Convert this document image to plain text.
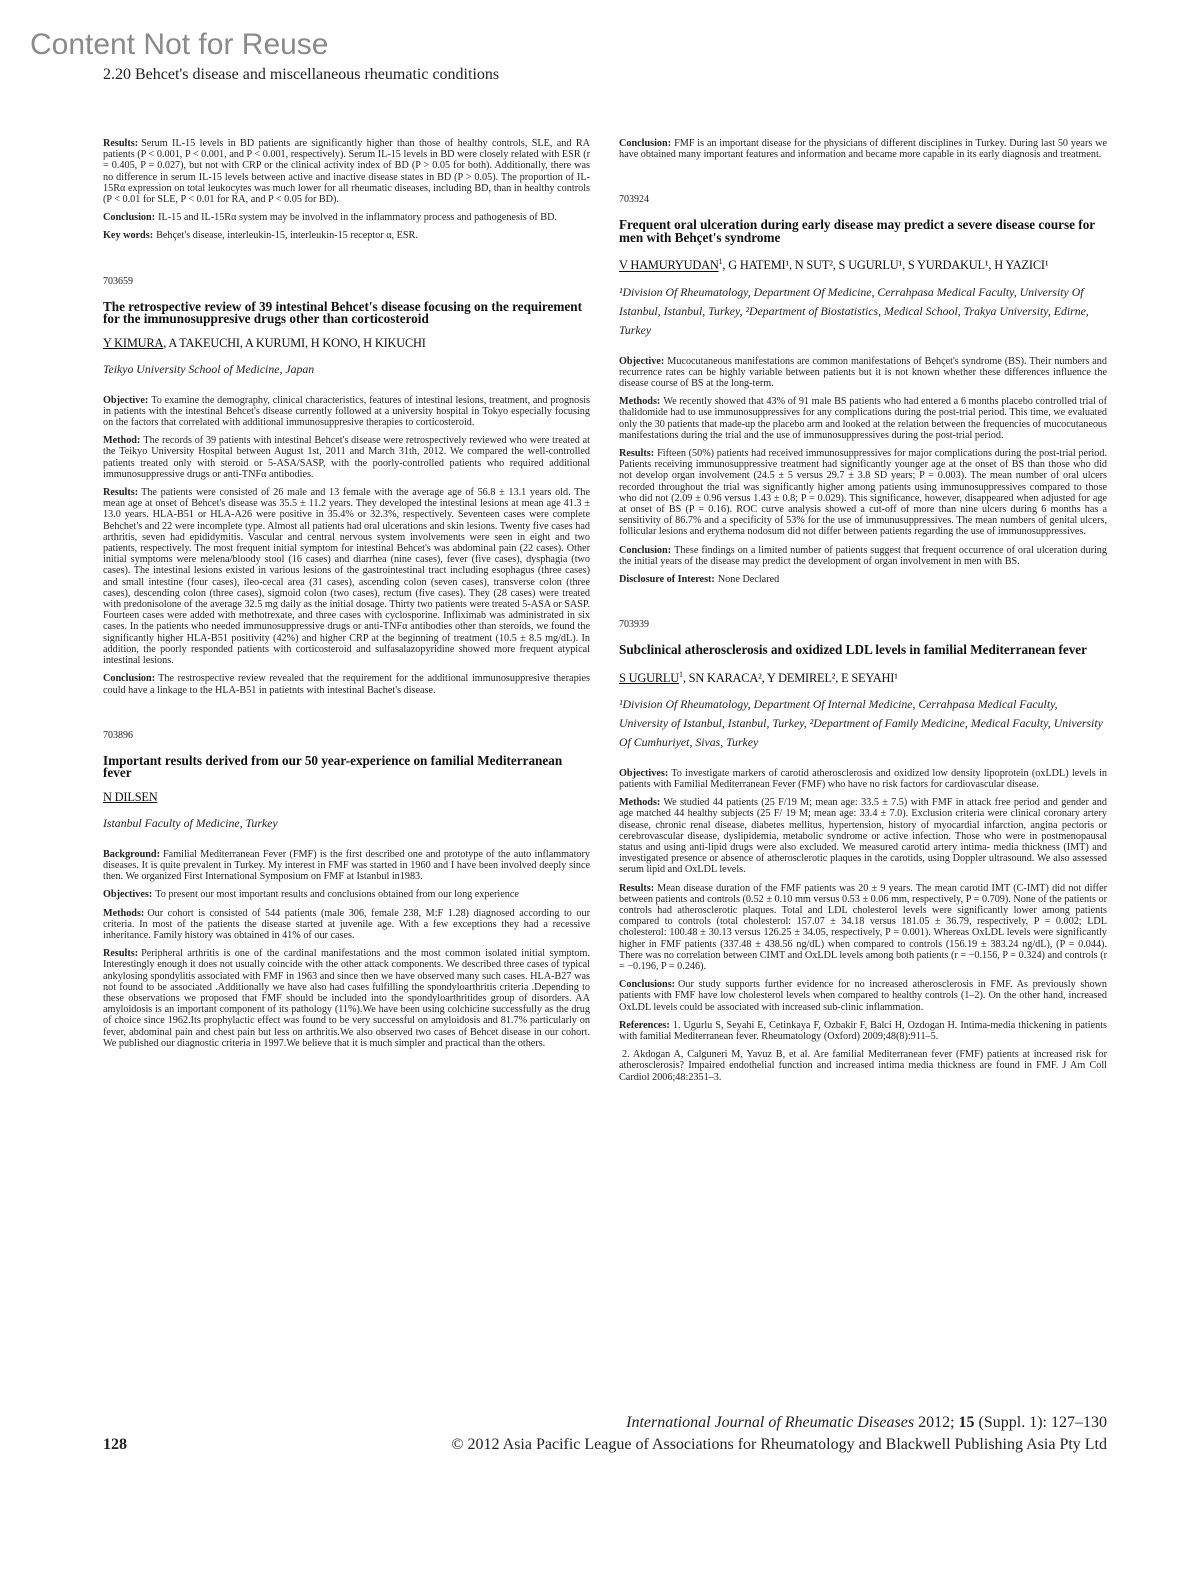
Content Not for Reuse
2.20 Behcet's disease and miscellaneous rheumatic conditions

Results: Serum IL-15 levels in BD patients are significantly higher than those of healthy controls, SLE, and RA patients (P < 0.001, P < 0.001, and P < 0.001, respectively). Serum IL-15 levels in BD were closely related with ESR (r = 0.405, P = 0.027), but not with CRP or the clinical activity index of BD (P > 0.05 for both). Additionally, there was no difference in serum IL-15 levels between active and inactive disease states in BD (P > 0.05). The proportion of IL-15Rα expression on total leukocytes was much lower for all rheumatic diseases, including BD, than in healthy controls (P < 0.01 for SLE, P < 0.01 for RA, and P < 0.05 for BD).

Conclusion: IL-15 and IL-15Rα system may be involved in the inflammatory process and pathogenesis of BD.

Key words: Behçet's disease, interleukin-15, interleukin-15 receptor α, ESR.

703659
The retrospective review of 39 intestinal Behcet's disease focusing on the requirement for the immunosuppresive drugs other than corticosteroid
Y KIMURA, A TAKEUCHI, A KURUMI, H KONO, H KIKUCHI
Teikyo University School of Medicine, Japan

Objective: To examine the demography, clinical characteristics, features of intestinal lesions, treatment, and prognosis in patients with the intestinal Behcet's disease currently followed at a university hospital in Tokyo especially focusing on the factors that correlated with additional immunosuppresive therapies to corticosteroid.

Method: The records of 39 patients with intestinal Behcet's disease were retrospectively reviewed who were treated at the Teikyo University Hospital between August 1st, 2011 and March 31th, 2012. We compared the well-controlled patients treated only with steroid or 5-ASA/SASP, with the poorly-controlled patients who required additional immunosuppressive drugs or anti-TNFα antibodies.

Results: The patients were consisted of 26 male and 13 female with the average age of 56.8 ± 13.1 years old. The mean age at onset of Behcet's disease was 35.5 ± 11.2 years. They developed the intestinal lesions at mean age 41.3 ± 13.0 years. HLA-B51 or HLA-A26 were positive in 35.4% or 32.3%, respectively. Seventeen cases were complete Behchet's and 22 were incomplete type. Almost all patients had oral ulcerations and skin lesions. Twenty five cases had arthritis, seven had epididymitis. Vascular and central nervous system involvements were seen in eight and two patients, respectively. The most frequent initial symptom for intestinal Behcet's was abdominal pain (22 cases). Other initial symptoms were melena/bloody stool (16 cases) and diarrhea (nine cases), fever (five cases), dysphagia (two cases). The intestinal lesions existed in various lesions of the gastrointestinal tract including esophagus (three cases) and small intestine (four cases), ileo-cecal area (31 cases), ascending colon (seven cases), transverse colon (three cases), descending colon (three cases), sigmoid colon (two cases), rectum (five cases). They (28 cases) were treated with predonisolone of the average 32.5 mg daily as the initial dosage. Thirty two patients were treated 5-ASA or SASP. Fourteen cases were added with methotrexate, and three cases with cyclosporine. Infliximab was administrated in six cases. In the patients who needed immunosuppressive drugs or anti-TNFα antibodies other than steroids, we found the significantly higher HLA-B51 positivity (42%) and higher CRP at the beginning of treatment (10.5 ± 8.5 mg/dL). In addition, the poorly responded patients with corticosteroid and sulfasalazopyridine showed more frequent atypical intestinal lesions.

Conclusion: The restrospective review revealed that the requirement for the additional immunosuppresive therapies could have a linkage to the HLA-B51 in patietnts with intestinal Bachet's disease.

703896
Important results derived from our 50 year-experience on familial Mediterranean fever
N DILSEN
Istanbul Faculty of Medicine, Turkey

Background: Familial Mediterranean Fever (FMF) is the first described one and prototype of the auto inflammatory diseases. It is quite prevalent in Turkey. My interest in FMF was started in 1960 and I have been involved deeply since then. We organized First International Symposium on FMF at Istanbul in1983.

Objectives: To present our most important results and conclusions obtained from our long experience

Methods: Our cohort is consisted of 544 patients (male 306, female 238, M:F 1.28) diagnosed according to our criteria. In most of the patients the disease started at juvenile age. With a few exceptions they had a recessive inheritance. Family history was obtained in 41% of our cases.

Results: Peripheral arthritis is one of the cardinal manifestations and the most common isolated initial symptom. Interestingly enough it does not usually coincide with the other attack components. We described three cases of typical ankylosing spondylitis associated with FMF in 1963 and since then we have observed many such cases. HLA-B27 was not found to be associated .Additionally we have also had cases fulfilling the spondyloarthritis criteria .Depending to these observations we proposed that FMF should be included into the spondyloarthritides group of disorders. AA amyloidosis is an important component of its pathology (11%).We have been using colchicine successfully as the drug of choice since 1962.Its prophylactic effect was found to be very successful on amyloidosis and 81.7% particularly on fever, abdominal pain and chest pain but less on arthritis.We also observed two cases of Behcet disease in our cohort. We published our diagnostic criteria in 1997.We believe that it is much simpler and practical than the others.

Conclusion: FMF is an important disease for the physicians of different disciplines in Turkey. During last 50 years we have obtained many important features and information and became more capable in its early diagnosis and treatment.

703924
Frequent oral ulceration during early disease may predict a severe disease course for men with Behçet's syndrome
V HAMURYUDAN$^1$, G HATEMI¹, N SUT², S UGURLU¹, S YURDAKUL¹, H YAZICI¹
¹Division Of Rheumatology, Department Of Medicine, Cerrahpasa Medical Faculty, University Of Istanbul, Istanbul, Turkey, ²Department of Biostatistics, Medical School, Trakya University, Edirne, Turkey

Objective: Mucocutaneous manifestations are common manifestations of Behçet's syndrome (BS). Their numbers and recurrence rates can be highly variable between patients but it is not known whether these differences influence the disease course of BS at the long-term.

Methods: We recently showed that 43% of 91 male BS patients who had entered a 6 months placebo controlled trial of thalidomide had to use immunosuppressives for any complications during the post-trial period. This time, we evaluated only the 30 patients that made-up the placebo arm and looked at the relation between the frequencies of mucocutaneous manifestations during the trial and the use of immunosuppressives during the post-trial period.

Results: Fifteen (50%) patients had received immunosuppressives for major complications during the post-trial period. Patients receiving immunosuppressive treatment had significantly younger age at the onset of BS than those who did not develop organ involvement (24.5 ± 5 versus 29.7 ± 3.8 SD years; P = 0.003). The mean number of oral ulcers recorded throughout the trial was significantly higher among patients using immunosuppressives compared to those who did not (2.09 ± 0.96 versus 1.43 ± 0.8; P = 0.029). This significance, however, disappeared when adjusted for age at onset of BS (P = 0.16). ROC curve analysis showed a cut-off of more than nine ulcers during 6 months has a sensitivity of 86.7% and a specificity of 53% for the use of immunusuppressives. The mean numbers of genital ulcers, follicular lesions and erythema nodosum did not differ between patients regarding the use of immunosuppressives.

Conclusion: These findings on a limited number of patients suggest that frequent occurrence of oral ulceration during the initial years of the disease may predict the development of organ involvement in men with BS.

Disclosure of Interest: None Declared

703939
Subclinical atherosclerosis and oxidized LDL levels in familial Mediterranean fever
S UGURLU$^1$, SN KARACA², Y DEMIREL², E SEYAHI¹
¹Division Of Rheumatology, Department Of Internal Medicine, Cerrahpasa Medical Faculty, University of Istanbul, Istanbul, Turkey, ²Department of Family Medicine, Medical Faculty, University Of Cumhuriyet, Sivas, Turkey

Objectives: To investigate markers of carotid atherosclerosis and oxidized low density lipoprotein (oxLDL) levels in patients with Familial Mediterranean Fever (FMF) who have no risk factors for cardiovascular disease.

Methods: We studied 44 patients (25 F/19 M; mean age: 33.5 ± 7.5) with FMF in attack free period and gender and age matched 44 healthy subjects (25 F/ 19 M; mean age: 33.4 ± 7.0). Exclusion criteria were clinical coronary artery disease, chronic renal disease, diabetes mellitus, hypertension, history of myocardial infarction, angina pectoris or cerebrovascular disease, dyslipidemia, metabolic syndrome or active infection. Those who were in postmenopausal status and using anti-lipid drugs were also excluded. We measured carotid artery intima- media thickness (IMT) and investigated presence or absence of atherosclerotic plaques in the carotids, using Doppler ultrasound. We also assessed serum lipid and OxLDL levels.

Results: Mean disease duration of the FMF patients was 20 ± 9 years. The mean carotid IMT (C-IMT) did not differ between patients and controls (0.52 ± 0.10 mm versus 0.53 ± 0.06 mm, respectively, P = 0.709). None of the patients or controls had atherosclerotic plaques. Total and LDL cholesterol levels were significantly lower among patients compared to controls (total cholesterol: 157.07 ± 34.18 versus 181.05 ± 36.79, respectively, P = 0.002; LDL cholesterol: 100.48 ± 30.13 versus 126.25 ± 34.05, respectively, P = 0.001). Whereas OxLDL levels were significantly higher in FMF patients (337.48 ± 438.56 ng/dL) when compared to controls (156.19 ± 383.24 ng/dL), (P = 0.044). There was no correlation between CIMT and OxLDL levels among both patients (r = −0.156, P = 0.324) and controls (r = −0.196, P = 0.246).

Conclusions: Our study supports further evidence for no increased atherosclerosis in FMF. As previously shown patients with FMF have low cholesterol levels when compared to healthy controls (1–2). On the other hand, increased OxLDL levels could be associated with increased sub-clinic inflammation.

References: 1. Ugurlu S, Seyahi E, Cetinkaya F, Ozbakir F, Balci H, Ozdogan H. Intima-media thickening in patients with familial Mediterranean fever. Rheumatology (Oxford) 2009;48(8):911–5.

2. Akdogan A, Calguneri M, Yavuz B, et al. Are familial Mediterranean fever (FMF) patients at increased risk for atherosclerosis? Impaired endothelial function and increased intima media thickness are found in FMF. J Am Coll Cardiol 2006;48:2351–3.

International Journal of Rheumatic Diseases 2012; 15 (Suppl. 1): 127–130
128	© 2012 Asia Pacific League of Associations for Rheumatology and Blackwell Publishing Asia Pty Ltd
